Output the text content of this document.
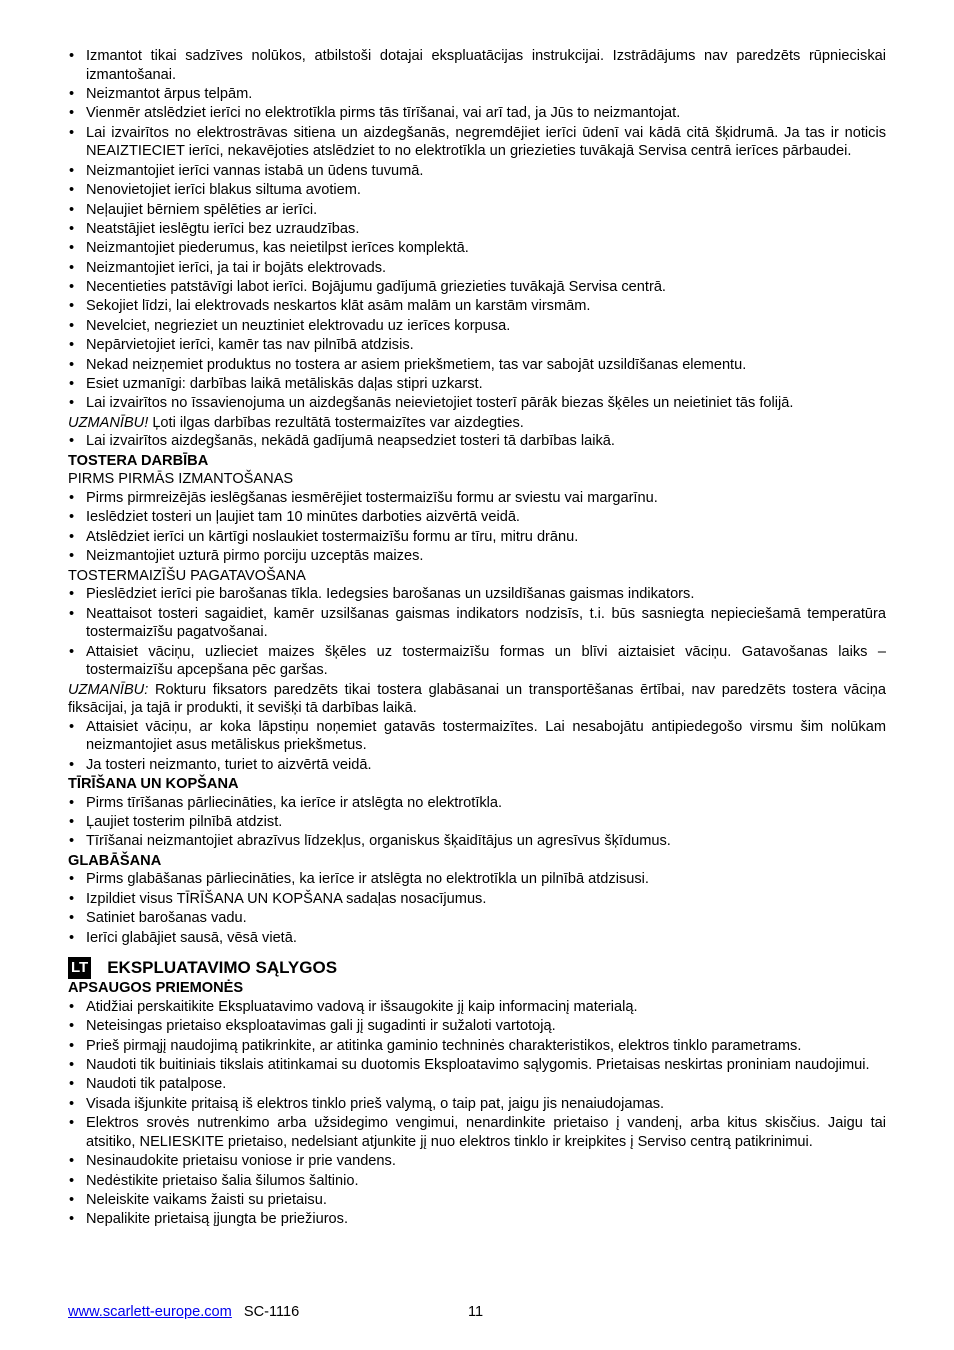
• Izmantot tikai sadzīves nolūkos, atbilstoši dotajai ekspluatācijas instrukcijai. Izstrādājums nav paredzēts rūpnieciskai izmantošanai.
• Neizmantot ārpus telpām.
• Vienmēr atslēdziet ierīci no elektrotīkla pirms tās tīrīšanai, vai arī tad, ja Jūs to neizmantojat.
• Lai izvairītos no elektrostrāvas sitiena un aizdegšanās, negremdējiet ierīci ūdenī vai kādā citā šķidrumā. Ja tas ir noticis NEAIZTIECIET ierīci, nekavējoties atslēdziet to no elektrotīkla un griezieties tuvākajā Servisa centrā ierīces pārbaudei.
• Neizmantojiet ierīci vannas istabā un ūdens tuvumā.
• Nenovietojiet ierīci blakus siltuma avotiem.
• Neļaujiet bērniem spēlēties ar ierīci.
• Neatstājiet ieslēgtu ierīci bez uzraudzības.
• Neizmantojiet piederumus, kas neietilpst ierīces komplektā.
• Neizmantojiet ierīci, ja tai ir bojāts elektrovads.
• Necentieties patstāvīgi labot ierīci. Bojājumu gadījumā griezieties tuvākajā Servisa centrā.
• Sekojiet līdzi, lai elektrovads neskartos klāt asām malām un karstām virsmām.
• Nevelciet, negrieziet un neuztiniet elektrovadu uz ierīces korpusa.
• Nepārvietojiet ierīci, kamēr tas nav pilnībā atdzisis.
• Nekad neizņemiet produktus no tostera ar asiem priekšmetiem, tas var sabojāt uzsildīšanas elementu.
• Esiet uzmanīgi: darbības laikā metāliskās daļas stipri uzkarst.
• Lai izvairītos no īssavienojuma un aizdegšanās neievietojiet tosterī pārāk biezas šķēles un neietiniet tās folijā.
UZMANĪBU! Ļoti ilgas darbības rezultātā tostermaizītes var aizdegties.
• Lai izvairītos aizdegšanās, nekādā gadījumā neapsedziet tosteri tā darbības laikā.
TOSTERA DARBĪBA
PIRMS PIRMĀS IZMANTOŠANAS
• Pirms pirmreizējās ieslēgšanas iesmērējiet tostermaizīšu formu ar sviestu vai margarīnu.
• Ieslēdziet tosteri un ļaujiet tam 10 minūtes darboties aizvērtā veidā.
• Atslēdziet ierīci un kārtīgi noslaukiet tostermaizīšu formu ar tīru, mitru drānu.
• Neizmantojiet uzturā pirmo porciju uzceptās maizes.
TOSTERMAIZĪŠU PAGATAVOŠANA
• Pieslēdziet ierīci pie barošanas tīkla. Iedegsies barošanas un uzsildīšanas gaismas indikators.
• Neattaisot tosteri sagaidiet, kamēr uzsilšanas gaismas indikators nodzisīs, t.i. būs sasniegta nepieciešamā temperatūra tostermaizīšu pagatvošanai.
• Attaisiet vāciņu, uzlieciet maizes šķēles uz tostermaizīšu formas un blīvi aiztaisiet vāciņu. Gatavošanas laiks – tostermaizīšu apcepšana pēc garšas.
UZMANĪBU: Rokturu fiksators paredzēts tikai tostera glabāsanai un transportēšanas ērtībai, nav paredzēts tostera vāciņa fiksācijai, ja tajā ir produkti, it sevišķi tā darbības laikā.
• Attaisiet vāciņu, ar koka lāpstiņu noņemiet gatavās tostermaizītes. Lai nesabojātu antipiedegošo virsmu šim nolūkam neizmantojiet asus metāliskus priekšmetus.
• Ja tosteri neizmanto, turiet to aizvērtā veidā.
TĪRĪŠANA UN KOPŠANA
• Pirms tīrīšanas pārliecināties, ka ierīce ir atslēgta no elektrotīkla.
• Ļaujiet tosterim pilnībā atdzist.
• Tīrīšanai neizmantojiet abrazīvus līdzekļus, organiskus šķaidītājus un agresīvus šķīdumus.
GLABĀŠANA
• Pirms glabāšanas pārliecināties, ka ierīce ir atslēgta no elektrotīkla un pilnībā atdzisusi.
• Izpildiet visus TĪRĪŠANA UN KOPŠANA sadaļas nosacījumus.
• Satiniet barošanas vadu.
• Ierīci glabājiet sausā, vēsā vietā.
LT EKSPLUATAVIMO SĄLYGOS
APSAUGOS PRIEMONĖS
• Atidžiai perskaitikite Ekspluatavimo vadovą ir išsaugokite jį kaip informacinį materialą.
• Neteisingas prietaiso eksploatavimas gali jį sugadinti ir sužaloti vartotoją.
• Prieš pirmąjį naudojimą patikrinkite, ar atitinka gaminio techninės charakteristikos, elektros tinklo parametrams.
• Naudoti tik buitiniais tikslais atitinkamai su duotomis Eksploatavimo sąlygomis. Prietaisas neskirtas proniniam naudojimui.
• Naudoti tik patalpose.
• Visada išjunkite pritaisą iš elektros tinklo prieš valymą, o taip pat, jaigu jis nenaiudojamas.
• Elektros srovės nutrenkimo arba užsidegimo vengimui, nenardinkite prietaiso į vandenį, arba kitus skisčius. Jaigu tai atsitiko, NELIESKITE prietaiso, nedelsiant atjunkite jį nuo elektros tinklo ir kreipkites į Serviso centrą patikrinimui.
• Nesinaudokite prietaisu voniose ir prie vandens.
• Nedėstikite prietaiso šalia šilumos šaltinio.
• Neleiskite vaikams žaisti su prietaisu.
• Nepalikite prietaisą įjungta be priežiuros.
www.scarlett-europe.com SC-1116	11
